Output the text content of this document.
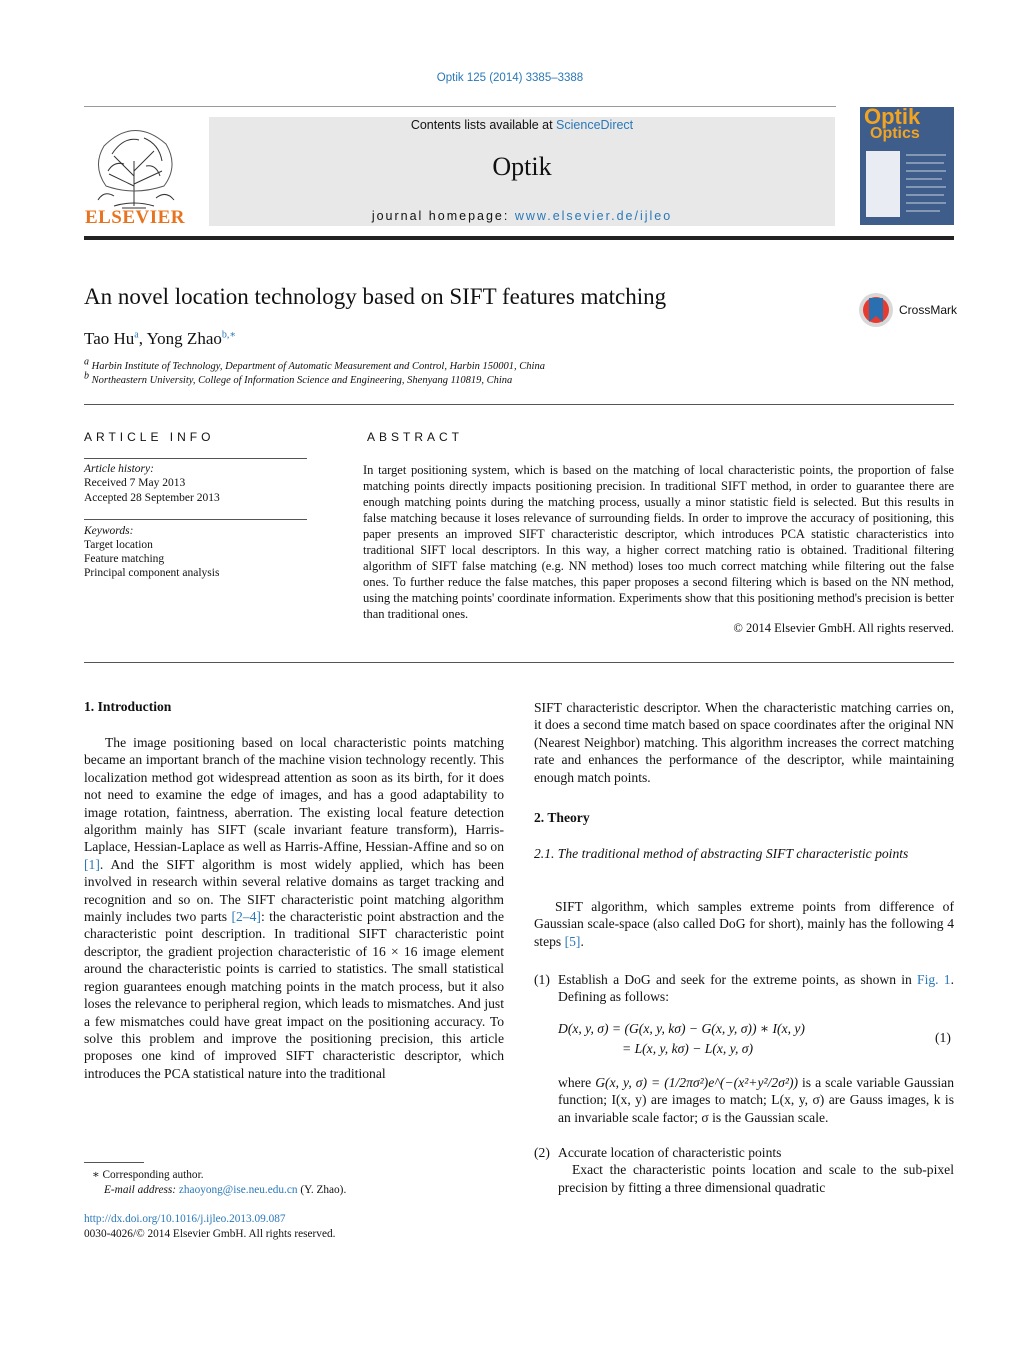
Optik 125 (2014) 3385–3388
ELSEVIER
Contents lists available at ScienceDirect
Optik
journal homepage: www.elsevier.de/ijleo
Optik
Optics
An novel location technology based on SIFT features matching
CrossMark
Tao Hu$^a$, Yong Zhao$^{b,∗}$
$^a$ Harbin Institute of Technology, Department of Automatic Measurement and Control, Harbin 150001, China
$^b$ Northeastern University, College of Information Science and Engineering, Shenyang 110819, China
ARTICLE INFO
Article history:
Received 7 May 2013
Accepted 28 September 2013
Keywords:
Target location
Feature matching
Principal component analysis
ABSTRACT
In target positioning system, which is based on the matching of local characteristic points, the proportion of false matching points directly impacts positioning precision. In traditional SIFT method, in order to guarantee there are enough matching points during the matching process, usually a minor statistic field is selected. But this results in false matching because it loses relevance of surrounding fields. In order to improve the accuracy of positioning, this paper presents an improved SIFT characteristic descriptor, which introduces PCA statistic characteristics into traditional SIFT local descriptors. In this way, a higher correct matching ratio is obtained. Traditional filtering algorithm of SIFT false matching (e.g. NN method) loses too much correct matching while filtering out the false ones. To further reduce the false matches, this paper proposes a second filtering which is based on the NN method, using the matching points' coordinate information. Experiments show that this positioning method's precision is better than traditional ones.
© 2014 Elsevier GmbH. All rights reserved.
1. Introduction

The image positioning based on local characteristic points matching became an important branch of the machine vision technology recently. This localization method got widespread attention as soon as its birth, for it does not need to examine the edge of images, and has a good adaptability to image rotation, faintness, aberration. The existing local feature detection algorithm mainly has SIFT (scale invariant feature transform), Harris-Laplace, Hessian-Laplace as well as Harris-Affine, Hessian-Affine and so on [1]. And the SIFT algorithm is most widely applied, which has been involved in research within several relative domains as target tracking and recognition and so on. The SIFT characteristic point matching algorithm mainly includes two parts [2–4]: the characteristic point abstraction and the characteristic point description. In traditional SIFT characteristic point descriptor, the gradient projection characteristic of 16 × 16 image element around the characteristic points is carried to statistics. The small statistical region guarantees enough matching points in the match process, but it also loses the relevance to peripheral region, which leads to mismatches. And just a few mismatches could have great impact on the positioning accuracy. To solve this problem and improve the positioning precision, this article proposes one kind of improved SIFT characteristic descriptor, which introduces the PCA statistical nature into the traditional

SIFT characteristic descriptor. When the characteristic matching carries on, it does a second time match based on space coordinates after the original NN (Nearest Neighbor) matching. This algorithm increases the correct matching rate and enhances the performance of the descriptor, while maintaining enough match points.
2. Theory
2.1. The traditional method of abstracting SIFT characteristic points

SIFT algorithm, which samples extreme points from difference of Gaussian scale-space (also called DoG for short), mainly has the following 4 steps [5].

(1) Establish a DoG and seek for the extreme points, as shown in Fig. 1. Defining as follows:
D(x, y, σ) = (G(x, y, kσ) − G(x, y, σ)) ∗ I(x, y)
= L(x, y, kσ) − L(x, y, σ)
(1)
where G(x, y, σ) = (1/2πσ²)e^(−(x²+y²/2σ²)) is a scale variable Gaussian function; I(x, y) are images to match; L(x, y, σ) are Gauss images, k is an invariable scale factor; σ is the Gaussian scale.
(2) Accurate location of characteristic points
Exact the characteristic points location and scale to the sub-pixel precision by fitting a three dimensional quadratic
∗ Corresponding author.
E-mail address: zhaoyong@ise.neu.edu.cn (Y. Zhao).
http://dx.doi.org/10.1016/j.ijleo.2013.09.087
0030-4026/© 2014 Elsevier GmbH. All rights reserved.
